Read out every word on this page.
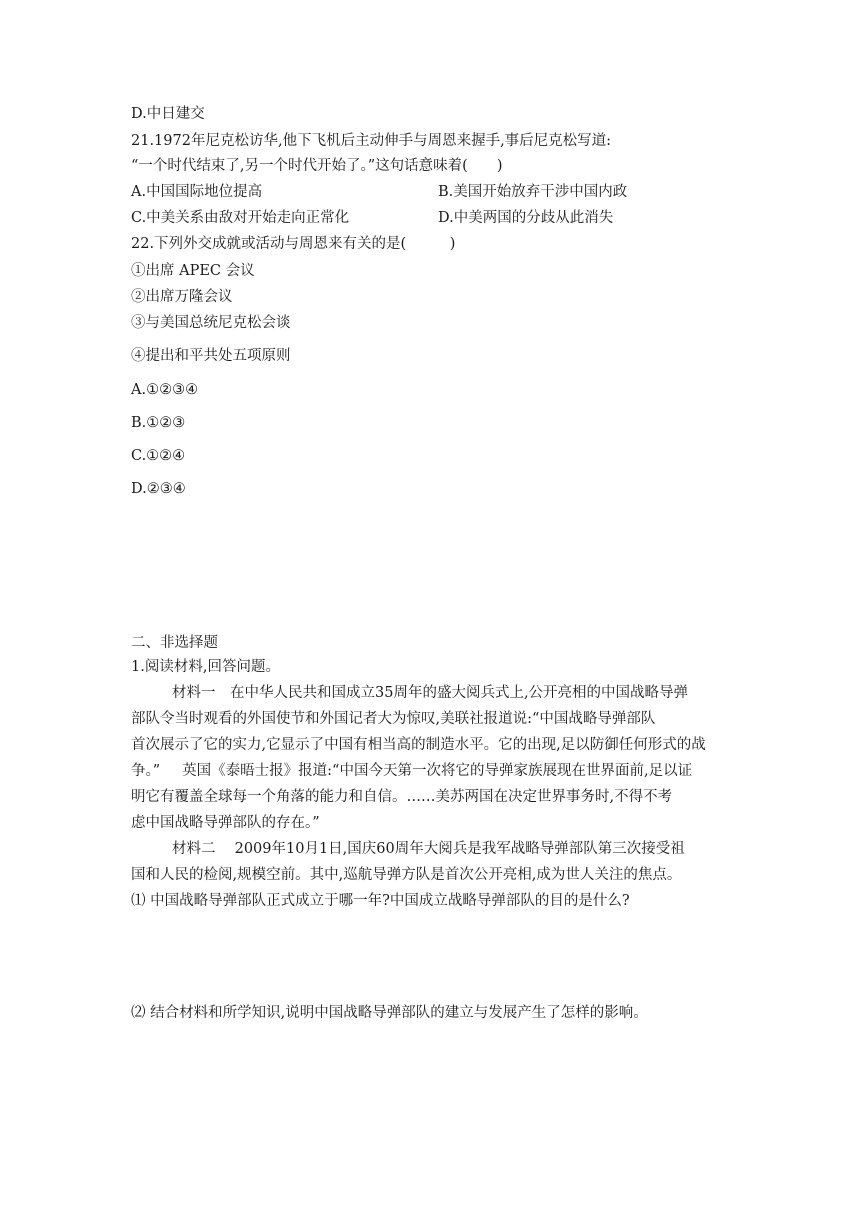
D.中日建交
21.1972年尼克松访华,他下飞机后主动伸手与周恩来握手,事后尼克松写道:
“一个时代结束了,另一个时代开始了。”这句话意味着(　　)
A.中国国际地位提高	B.美国开始放弃干涉中国内政
C.中美关系由敌对开始走向正常化	D.中美两国的分歧从此消失
22.下列外交成就或活动与周恩来有关的是(　　　)
①出席 APEC 会议
②出席万隆会议
③与美国总统尼克松会谈
④提出和平共处五项原则
A.①②③④
B.①②③
C.①②④
D.②③④
二、非选择题
1.阅读材料,回答问题。
材料一　在中华人民共和国成立35周年的盛大阅兵式上,公开亮相的中国战略导弹
部队令当时观看的外国使节和外国记者大为惊叹,美联社报道说:“中国战略导弹部队
首次展示了它的实力,它显示了中国有相当高的制造水平。它的出现,足以防御任何形式的战
争。” 英国《泰晤士报》报道:“中国今天第一次将它的导弹家族展现在世界面前,足以证
明它有覆盖全球每一个角落的能力和自信。……美苏两国在决定世界事务时,不得不考
虑中国战略导弹部队的存在。”
材料二　 2009年10月1日,国庆60周年大阅兵是我军战略导弹部队第三次接受祖
国和人民的检阅,规模空前。其中,巡航导弹方队是首次公开亮相,成为世人关注的焦点。
⑴ 中国战略导弹部队正式成立于哪一年?中国成立战略导弹部队的目的是什么?
⑵ 结合材料和所学知识,说明中国战略导弹部队的建立与发展产生了怎样的影响。
